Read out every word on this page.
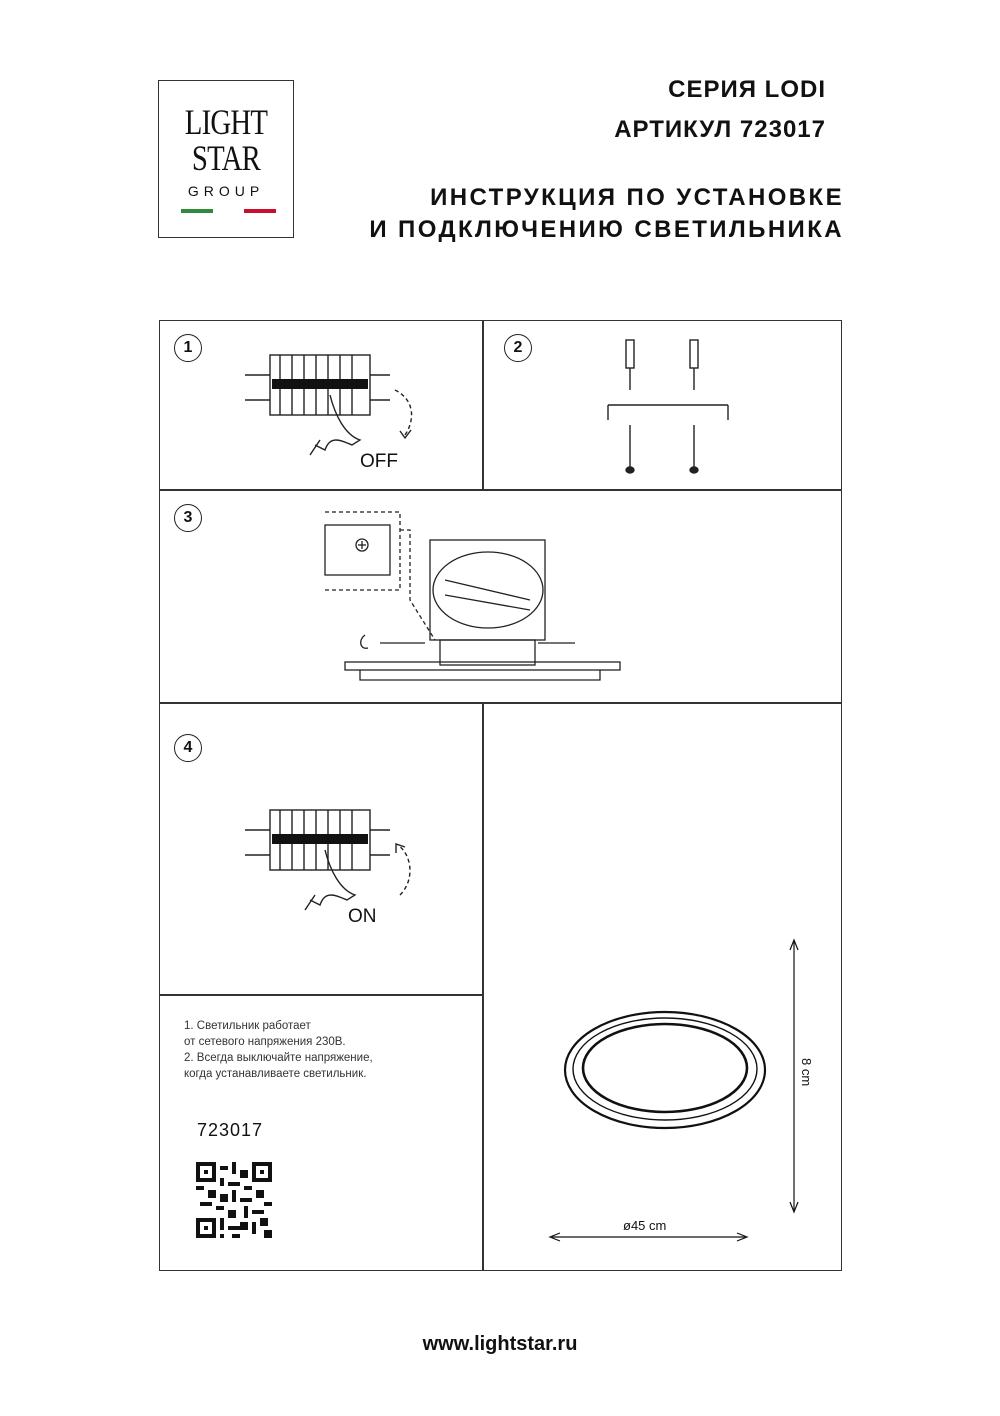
LIGHT
STAR
GROUP
СЕРИЯ LODI
АРТИКУЛ 723017
ИНСТРУКЦИЯ ПО УСТАНОВКЕ
И ПОДКЛЮЧЕНИЮ СВЕТИЛЬНИКА
1	2
3
4
OFF
ON
1. Светильник работает
от сетевого напряжения 230В.
2. Всегда выключайте напряжение,
когда устанавливаете светильник.
723017
8 cm
ø45 cm
www.lightstar.ru
